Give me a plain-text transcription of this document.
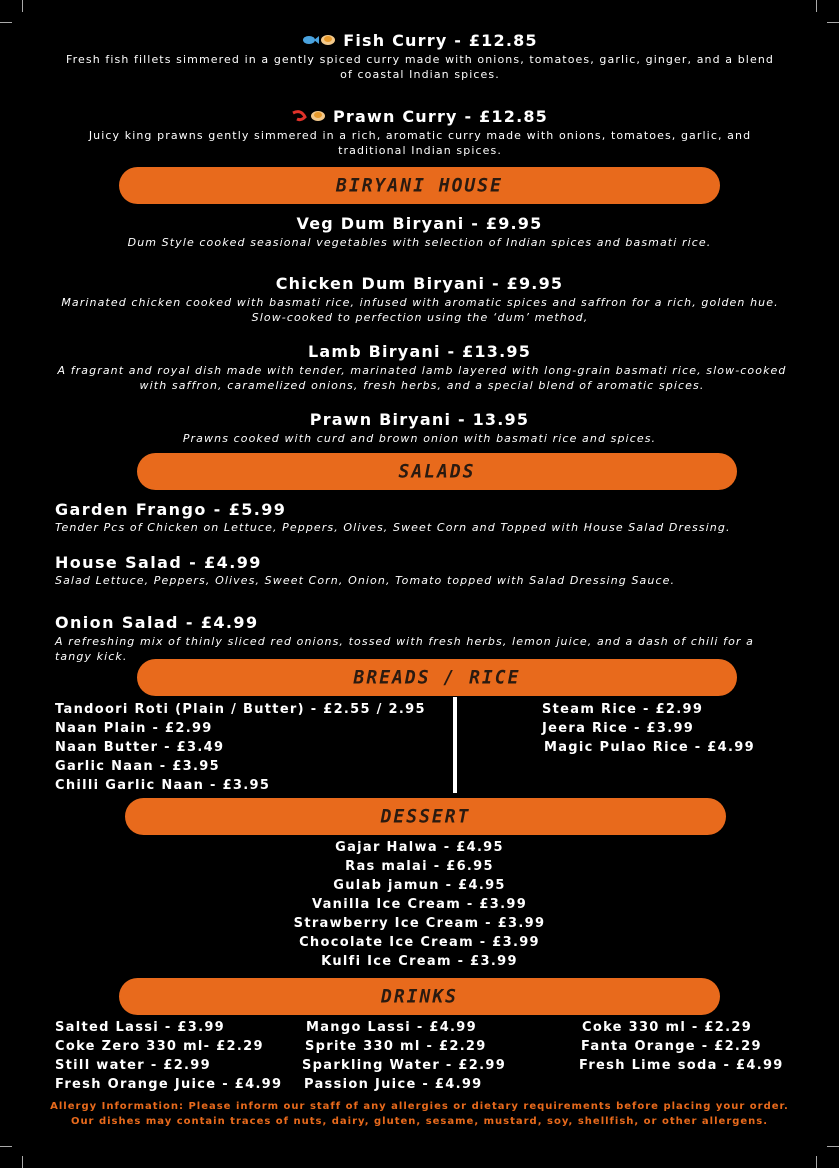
Fish Curry - £12.85
Fresh fish fillets simmered in a gently spiced curry made with onions, tomatoes, garlic, ginger, and a blend of coastal Indian spices.
Prawn Curry - £12.85
Juicy king prawns gently simmered in a rich, aromatic curry made with onions, tomatoes, garlic, and traditional Indian spices.
BIRYANI HOUSE
Veg Dum Biryani - £9.95
Dum Style cooked seasional vegetables with selection of Indian spices and basmati rice.
Chicken Dum Biryani - £9.95
Marinated chicken cooked with basmati rice, infused with aromatic spices and saffron for a rich, golden hue. Slow-cooked to perfection using the ‘dum’ method,
Lamb Biryani - £13.95
A fragrant and royal dish made with tender, marinated lamb layered with long-grain basmati rice, slow-cooked with saffron, caramelized onions, fresh herbs, and a special blend of aromatic spices.
Prawn Biryani - 13.95
Prawns cooked with curd and brown onion with basmati rice and spices.
SALADS
Garden Frango - £5.99
Tender Pcs of Chicken on Lettuce, Peppers, Olives, Sweet Corn and Topped with House Salad Dressing.
House Salad - £4.99
Salad Lettuce, Peppers, Olives, Sweet Corn, Onion, Tomato topped with Salad Dressing Sauce.
Onion Salad - £4.99
A refreshing mix of thinly sliced red onions, tossed with fresh herbs, lemon juice, and a dash of chili for a tangy kick.
BREADS / RICE
Tandoori Roti (Plain / Butter) - £2.55 / 2.95
Naan Plain - £2.99
Naan Butter - £3.49
Garlic Naan - £3.95
Chilli Garlic Naan - £3.95
Steam Rice - £2.99
Jeera Rice - £3.99
Magic Pulao Rice - £4.99
DESSERT
Gajar Halwa - £4.95
Ras malai - £6.95
Gulab jamun - £4.95
Vanilla Ice Cream - £3.99
Strawberry Ice Cream - £3.99
Chocolate Ice Cream - £3.99
Kulfi Ice Cream - £3.99
DRINKS
Salted Lassi - £3.99
Coke Zero 330 ml- £2.29
Still water - £2.99
Fresh Orange Juice - £4.99
Mango Lassi - £4.99
Sprite 330 ml - £2.29
Sparkling Water - £2.99
Passion Juice - £4.99
Coke 330 ml - £2.29
Fanta Orange - £2.29
Fresh Lime soda - £4.99
Allergy Information: Please inform our staff of any allergies or dietary requirements before placing your order.
Our dishes may contain traces of nuts, dairy, gluten, sesame, mustard, soy, shellfish, or other allergens.
